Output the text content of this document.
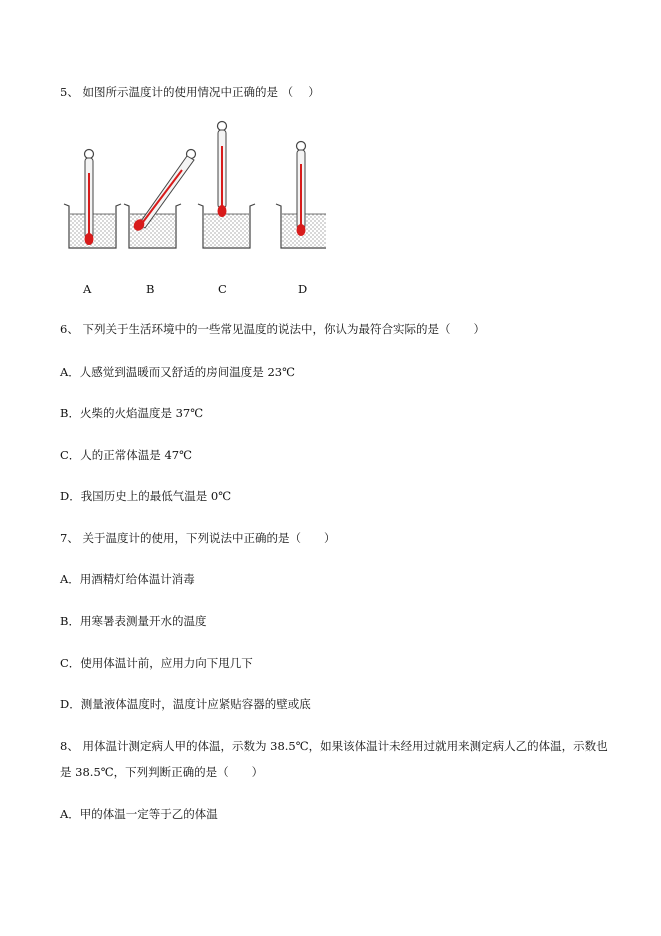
5、 如图所示温度计的使用情况中正确的是 （　 ）
A	B	C	D
6、 下列关于生活环境中的一些常见温度的说法中，你认为最符合实际的是（　　）
A．人感觉到温暖而又舒适的房间温度是 23℃
B．火柴的火焰温度是 37℃
C．人的正常体温是 47℃
D．我国历史上的最低气温是 0℃
7、 关于温度计的使用，下列说法中正确的是（　　）
A．用酒精灯给体温计消毒
B．用寒暑表测量开水的温度
C．使用体温计前，应用力向下甩几下
D．测量液体温度时，温度计应紧贴容器的壁或底
8、 用体温计测定病人甲的体温，示数为 38.5℃，如果该体温计未经用过就用来测定病人乙的体温，示数也
是 38.5℃，下列判断正确的是（　　）
A．甲的体温一定等于乙的体温
